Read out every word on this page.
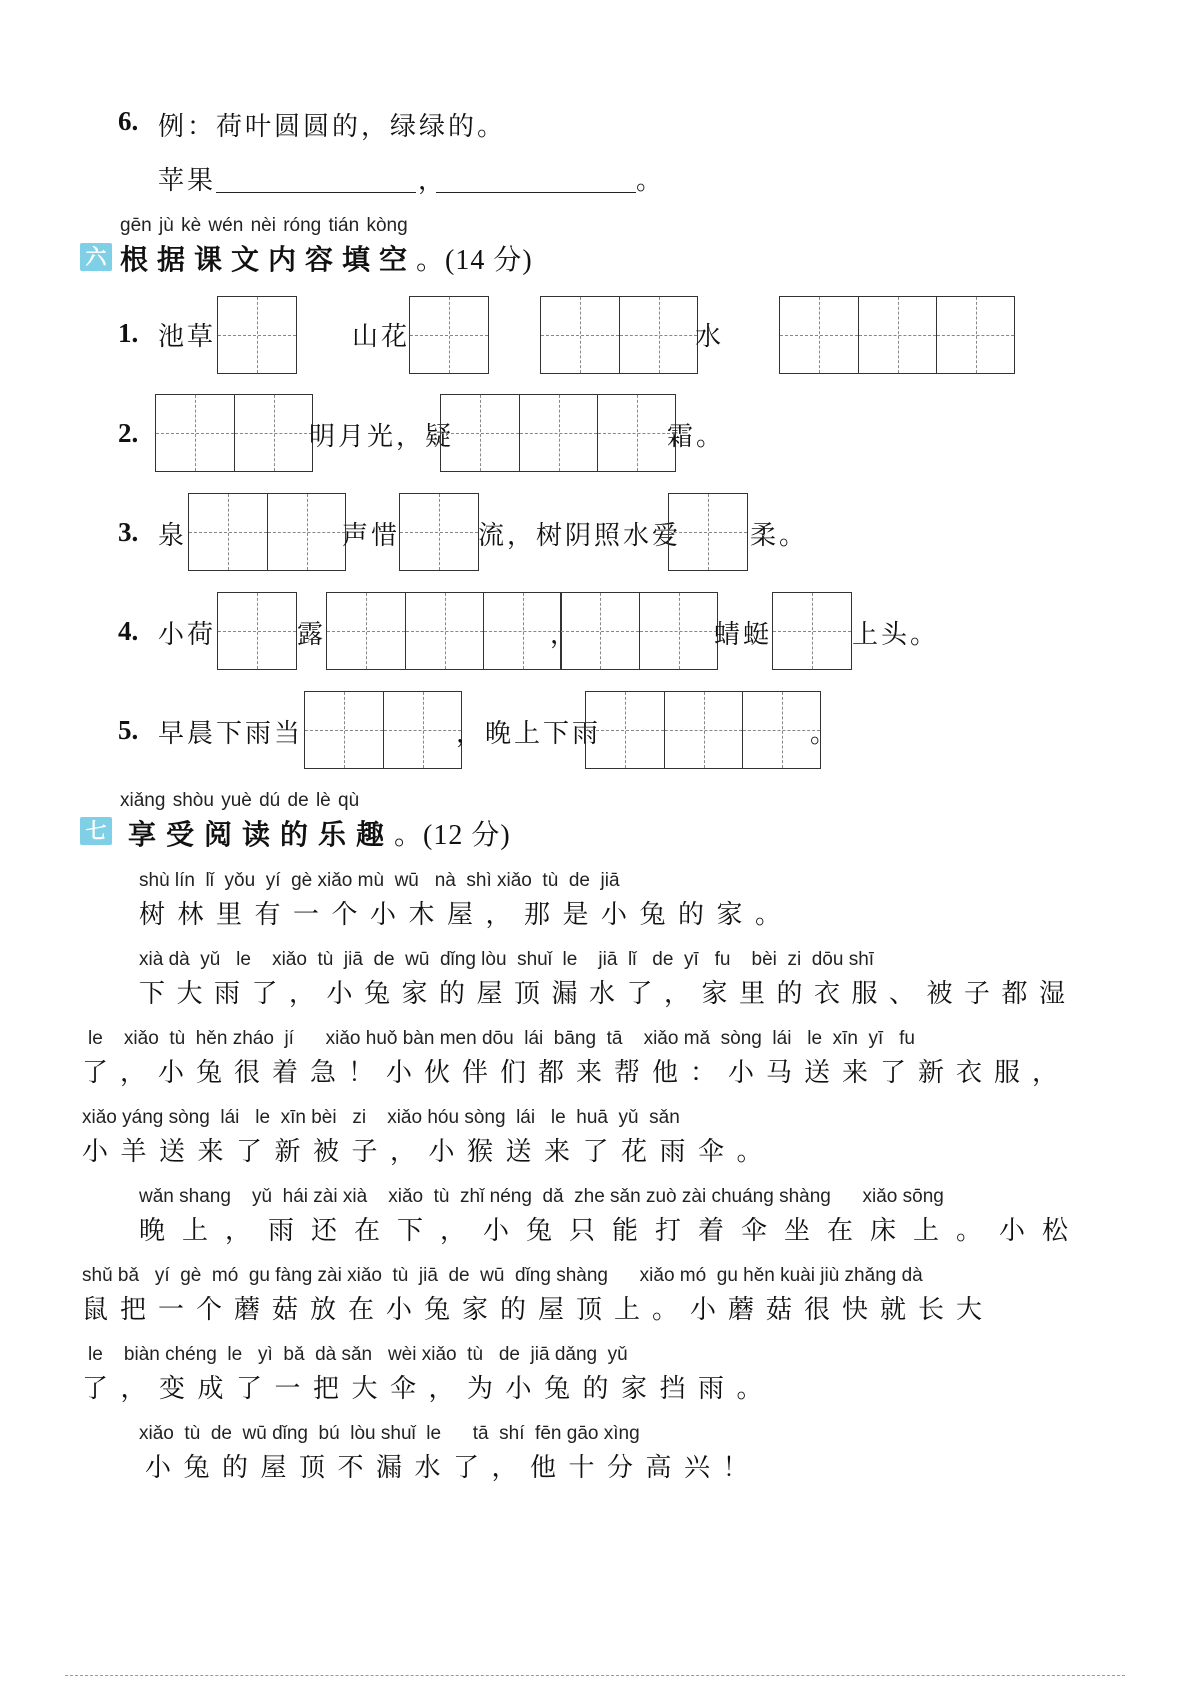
6. 例：荷叶圆圆的，绿绿的。
苹果	，	。
gēn jù kè wén nèi róng tián kòng
六 根据课文内容填空。(14 分)
1. 池草	山花	水
2.	明月光，疑	霜。
3. 泉	声惜	流，树阴照水爱	柔。
4. 小荷	露	，	蜻蜓	上头。
5. 早晨下雨当	，晚上下雨	。
xiǎng shòu yuè dú de lè qù
七 享受阅读的乐趣。(12 分)
shù lín  lǐ  yǒu  yí  gè xiǎo mù  wū   nà  shì xiǎo  tù  de  jiā
树林里有一个小木屋，那是小兔的家。
xià dà  yǔ   le    xiǎo  tù  jiā  de  wū  dǐng lòu  shuǐ  le    jiā  lǐ   de  yī   fu    bèi  zi  dōu shī
下大雨了，小兔家的屋顶漏水了，家里的衣服、被子都湿
le    xiǎo  tù  hěn zháo  jí      xiǎo huǒ bàn men dōu  lái  bāng  tā    xiǎo mǎ  sòng  lái   le  xīn  yī   fu
了，小兔很着急！小伙伴们都来帮他：小马送来了新衣服，
xiǎo yáng sòng  lái   le  xīn bèi   zi    xiǎo hóu sòng  lái   le  huā  yǔ  sǎn
小羊送来了新被子，小猴送来了花雨伞。
wǎn shang    yǔ  hái zài xià    xiǎo  tù  zhǐ néng  dǎ  zhe sǎn zuò zài chuáng shàng      xiǎo sōng
晚上，雨还在下，小兔只能打着伞坐在床上。小松
shǔ bǎ   yí  gè  mó  gu fàng zài xiǎo  tù  jiā  de  wū  dǐng shàng      xiǎo mó  gu hěn kuài jiù zhǎng dà
鼠把一个蘑菇放在小兔家的屋顶上。小蘑菇很快就长大
le    biàn chéng  le   yì  bǎ  dà sǎn   wèi xiǎo  tù   de  jiā dǎng  yǔ
了，变成了一把大伞，为小兔的家挡雨。
xiǎo  tù  de  wū dǐng  bú  lòu shuǐ  le      tā  shí  fēn gāo xìng
小兔的屋顶不漏水了，他十分高兴！
